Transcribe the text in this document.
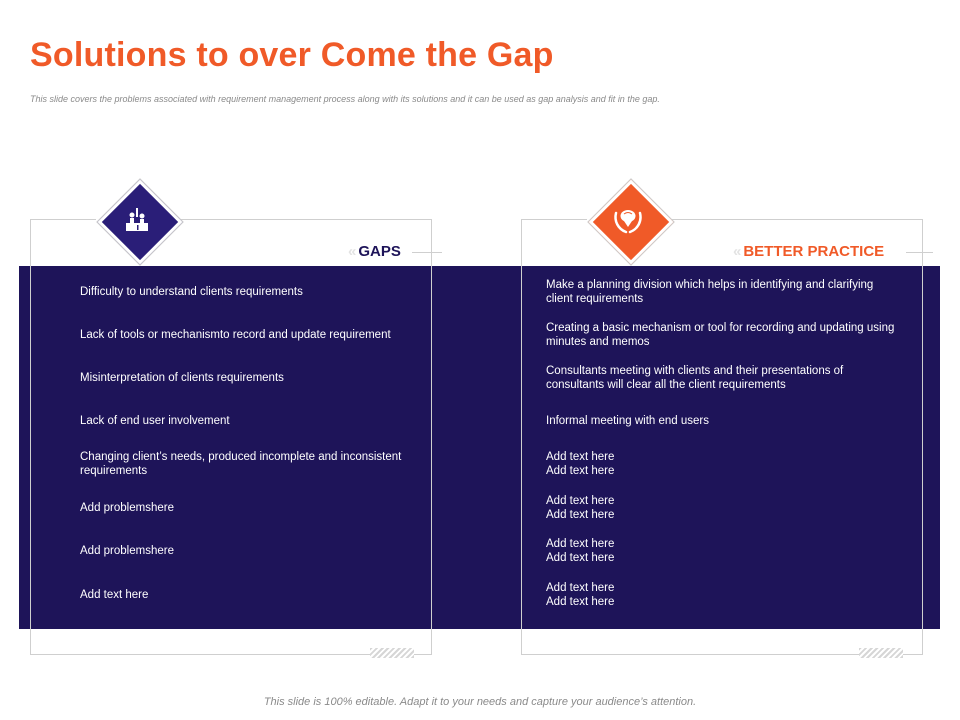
Solutions to over Come the Gap
This slide covers the problems associated with requirement management process along with its solutions and it can be used as gap analysis and fit in the gap.
« GAPS	« BETTER PRACTICE
Difficulty to understand clients requirements
Lack of tools or mechanismto record and update requirement
Misinterpretation of clients requirements
Lack of end user involvement
Changing client’s needs, produced incomplete and inconsistent requirements
Add problemshere
Add problemshere
Add text here
Make a planning division which helps in identifying and clarifying client requirements
Creating a basic mechanism or tool for recording and updating using minutes and memos
Consultants meeting with clients and their presentations of consultants will clear all the client requirements
Informal meeting with end users
Add text here
Add text here
Add text here
Add text here
Add text here
Add text here
Add text here
Add text here
This slide is 100% editable. Adapt it to your needs and capture your audience’s attention.
